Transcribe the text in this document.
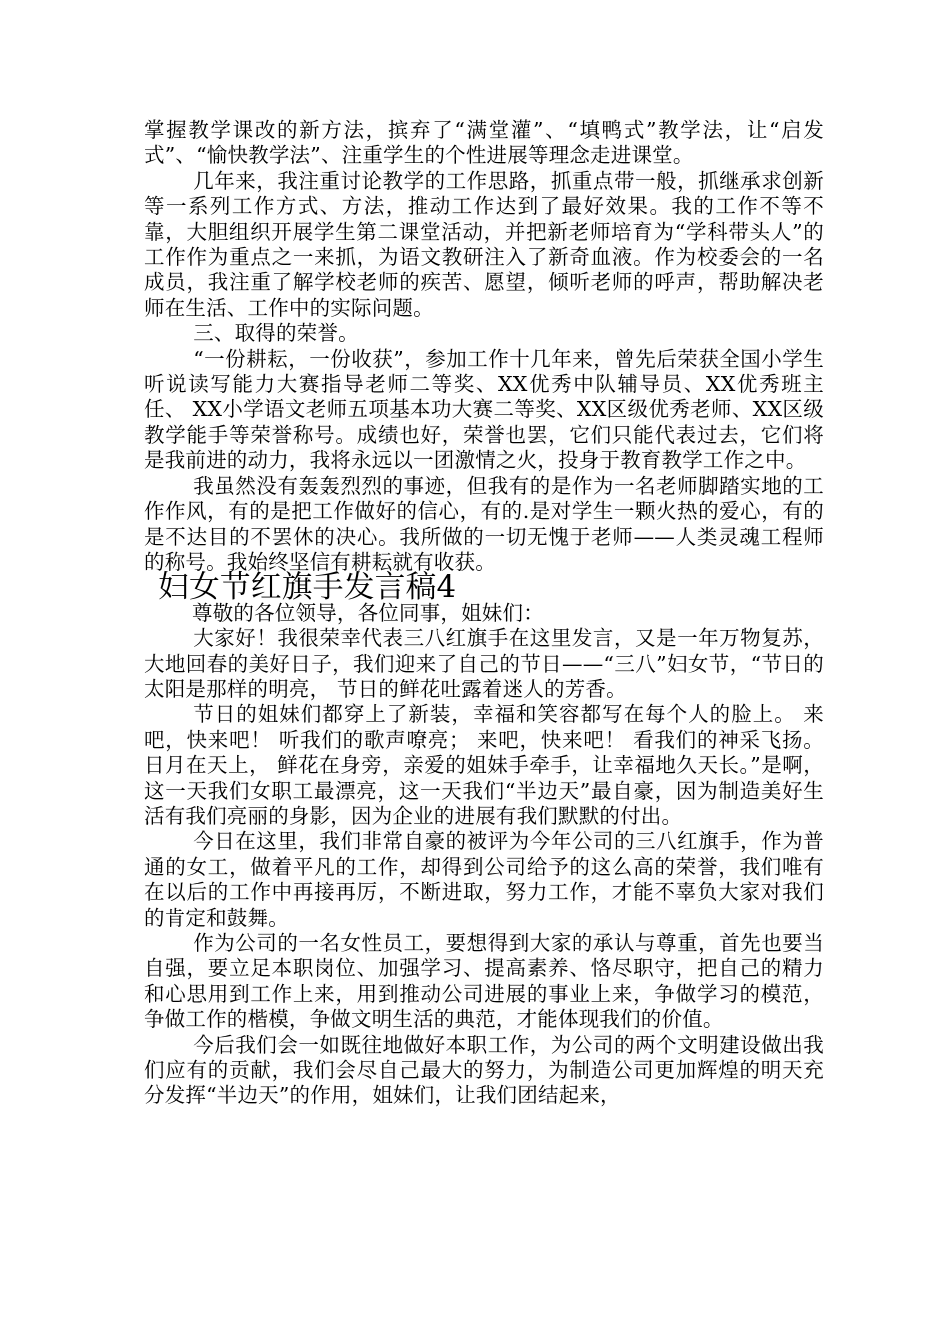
掌握教学课改的新方法，摈弃了“满堂灌”、“填鸭式”教学法，让“启发式”、“愉快教学法”、注重学生的个性进展等理念走进课堂。

几年来，我注重讨论教学的工作思路，抓重点带一般，抓继承求创新等一系列工作方式、方法，推动工作达到了最好效果。我的工作不等不靠，大胆组织开展学生第二课堂活动，并把新老师培育为“学科带头人”的工作作为重点之一来抓，为语文教研注入了新奇血液。作为校委会的一名成员，我注重了解学校老师的疾苦、愿望，倾听老师的呼声，帮助解决老师在生活、工作中的实际问题。

三、取得的荣誉。

“一份耕耘，一份收获”，参加工作十几年来，曾先后荣获全国小学生听说读写能力大赛指导老师二等奖、XX优秀中队辅导员、XX优秀班主任、 XX小学语文老师五项基本功大赛二等奖、XX区级优秀老师、XX区级教学能手等荣誉称号。成绩也好，荣誉也罢，它们只能代表过去，它们将是我前进的动力，我将永远以一团激情之火，投身于教育教学工作之中。

我虽然没有轰轰烈烈的事迹，但我有的是作为一名老师脚踏实地的工作作风，有的是把工作做好的信心，有的.是对学生一颗火热的爱心，有的是不达目的不罢休的决心。我所做的一切无愧于老师——人类灵魂工程师的称号。我始终坚信有耕耘就有收获。

妇女节红旗手发言稿4

尊敬的各位领导，各位同事，姐妹们：

大家好！我很荣幸代表三八红旗手在这里发言，又是一年万物复苏，大地回春的美好日子，我们迎来了自己的节日——“三八”妇女节，“节日的太阳是那样的明亮， 节日的鲜花吐露着迷人的芳香。

节日的姐妹们都穿上了新装，幸福和笑容都写在每个人的脸上。 来吧，快来吧！ 听我们的歌声嘹亮； 来吧，快来吧！ 看我们的神采飞扬。 日月在天上， 鲜花在身旁，亲爱的姐妹手牵手，让幸福地久天长。”是啊，这一天我们女职工最漂亮，这一天我们“半边天”最自豪，因为制造美好生活有我们亮丽的身影，因为企业的进展有我们默默的付出。

今日在这里，我们非常自豪的被评为今年公司的三八红旗手，作为普通的女工，做着平凡的工作，却得到公司给予的这么高的荣誉，我们唯有在以后的工作中再接再厉，不断进取，努力工作，才能不辜负大家对我们的肯定和鼓舞。

作为公司的一名女性员工，要想得到大家的承认与尊重，首先也要当自强，要立足本职岗位、加强学习、提高素养、恪尽职守，把自己的精力和心思用到工作上来，用到推动公司进展的事业上来，争做学习的模范，争做工作的楷模，争做文明生活的典范，才能体现我们的价值。

今后我们会一如既往地做好本职工作，为公司的两个文明建设做出我们应有的贡献，我们会尽自己最大的努力，为制造公司更加辉煌的明天充分发挥“半边天”的作用，姐妹们，让我们团结起来，
